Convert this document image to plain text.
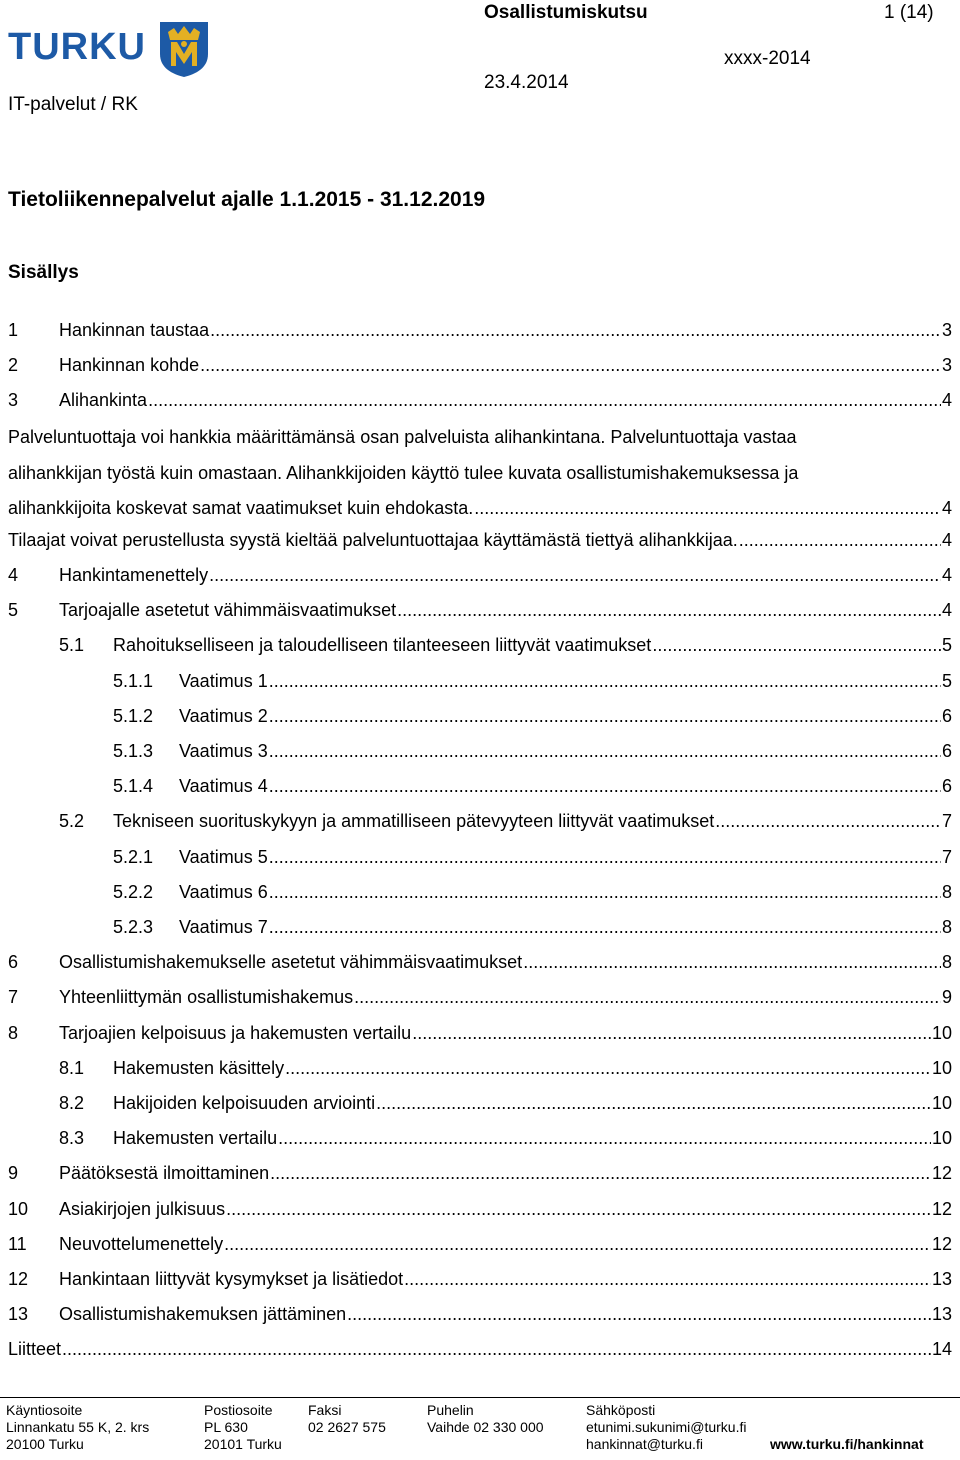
TURKU
Osallistumiskutsu	1 (14)
xxxx-2014
23.4.2014
IT-palvelut / RK
Tietoliikennepalvelut ajalle 1.1.2015 - 31.12.2019
Sisällys
1	Hankinnan taustaa .....	3
2	Hankinnan kohde .....	3
3	Alihankinta .....	4
Palveluntuottaja voi hankkia määrittämänsä osan palveluista alihankintana. Palveluntuottaja vastaa
alihankkijan työstä kuin omastaan. Alihankkijoiden käyttö tulee kuvata osallistumishakemuksessa ja
alihankkijoita koskevat samat vaatimukset kuin ehdokasta. .....	4
Tilaajat voivat perustellusta syystä kieltää palveluntuottajaa käyttämästä tiettyä alihankkijaa. .....	4
4	Hankintamenettely .....	4
5	Tarjoajalle asetetut vähimmäisvaatimukset .....	4
5.1	Rahoitukselliseen ja taloudelliseen tilanteeseen liittyvät vaatimukset .....	5
5.1.1	Vaatimus 1 .....	5
5.1.2	Vaatimus 2 .....	6
5.1.3	Vaatimus 3 .....	6
5.1.4	Vaatimus 4 .....	6
5.2	Tekniseen suorituskykyyn ja ammatilliseen pätevyyteen liittyvät vaatimukset .....	7
5.2.1	Vaatimus 5 .....	7
5.2.2	Vaatimus 6 .....	8
5.2.3	Vaatimus 7 .....	8
6	Osallistumishakemukselle asetetut vähimmäisvaatimukset .....	8
7	Yhteenliittymän osallistumishakemus .....	9
8	Tarjoajien kelpoisuus ja hakemusten vertailu .....	10
8.1	Hakemusten käsittely .....	10
8.2	Hakijoiden kelpoisuuden arviointi .....	10
8.3	Hakemusten vertailu .....	10
9	Päätöksestä ilmoittaminen .....	12
10	Asiakirjojen julkisuus .....	12
11	Neuvottelumenettely .....	12
12	Hankintaan liittyvät kysymykset ja lisätiedot .....	13
13	Osallistumishakemuksen jättäminen .....	13
Liitteet .....	14
Käyntiosoite
Linnankatu 55 K, 2. krs
20100 Turku
Postiosoite
PL 630
20101 Turku
Faksi
02 2627 575
Puhelin
Vaihde 02 330 000
Sähköposti
etunimi.sukunimi@turku.fi
hankinnat@turku.fi	www.turku.fi/hankinnat
